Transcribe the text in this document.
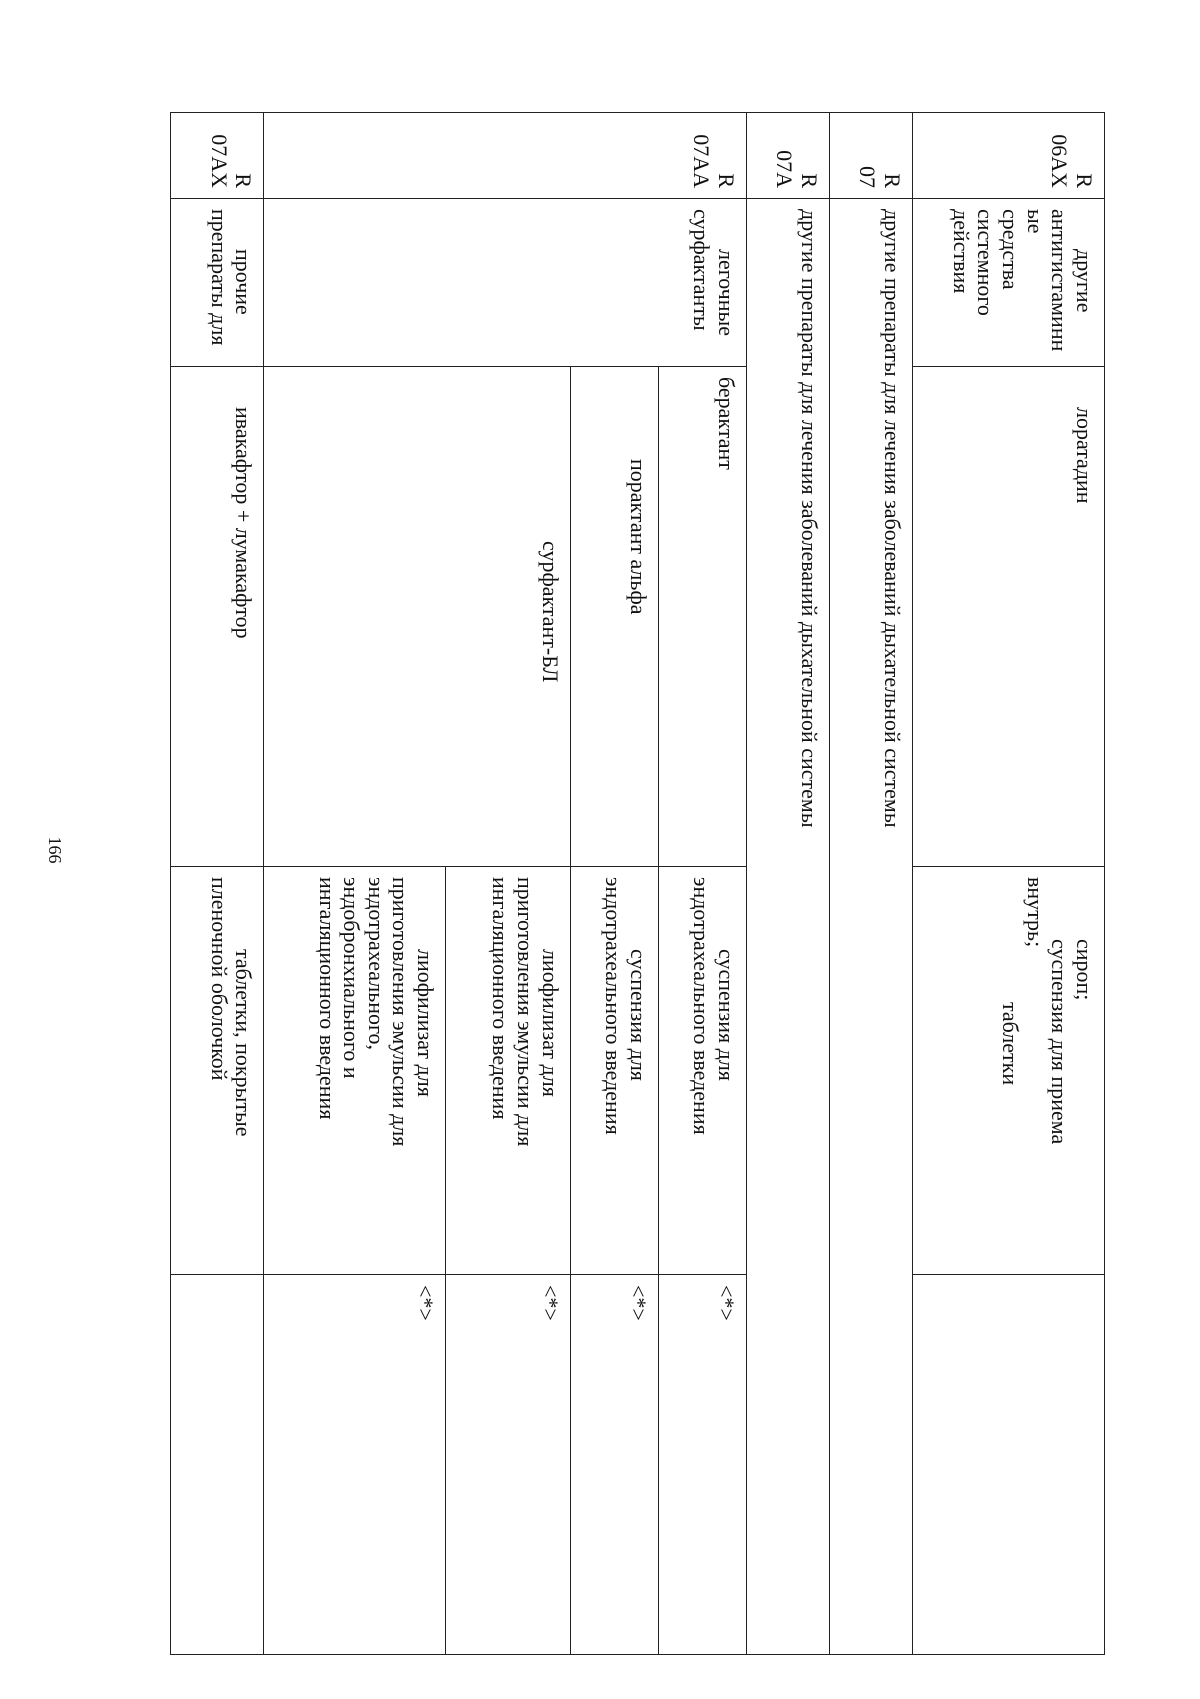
166
R
06AX	другие
антигистаминные
средства
системного
действия	лоратадин	сироп;
суспензия для приема
внутрь;
таблетки	

R
07	другие препараты для лечения заболеваний дыхательной системы			

R
07A	другие препараты для лечения заболеваний дыхательной системы			

R
07AA	легочные
сурфактанты	берактант	суспензия для
эндотрахеального введения	<*>
		порактант альфа	суспензия для
эндотрахеального введения	<*>
		сурфактант-БЛ	лиофилизат для
приготовления эмульсии для
ингаляционного введения	<*>

			лиофилизат для
приготовления эмульсии для
эндотрахеального,
эндобронхиального и
ингаляционного введения	<*>

R
07AX	прочие
препараты для	ивакафтор + лумакафтор	таблетки, покрытые
пленочной оболочкой	
